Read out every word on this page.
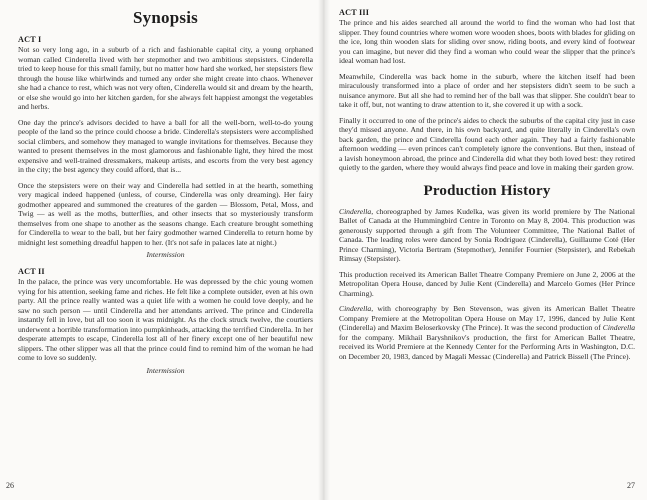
Synopsis
ACT I

Not so very long ago, in a suburb of a rich and fashionable capital city, a young orphaned woman called Cinderella lived with her stepmother and two ambitious stepsisters. Cinderella tried to keep house for this small family, but no matter how hard she worked, her stepsisters flew through the house like whirlwinds and turned any order she might create into chaos. Whenever she had a chance to rest, which was not very often, Cinderella would sit and dream by the hearth, or else she would go into her kitchen garden, for she always felt happiest amongst the vegetables and herbs.

One day the prince's advisors decided to have a ball for all the well-born, well-to-do young people of the land so the prince could choose a bride. Cinderella's stepsisters were accomplished social climbers, and somehow they managed to wangle invitations for themselves. Because they wanted to present themselves in the most glamorous and fashionable light, they hired the most expensive and well-trained dressmakers, makeup artists, and escorts from the very best agency in the city; the best agency they could afford, that is...

Once the stepsisters were on their way and Cinderella had settled in at the hearth, something very magical indeed happened (unless, of course, Cinderella was only dreaming). Her fairy godmother appeared and summoned the creatures of the garden — Blossom, Petal, Moss, and Twig — as well as the moths, butterflies, and other insects that so mysteriously transform themselves from one shape to another as the seasons change. Each creature brought something for Cinderella to wear to the ball, but her fairy godmother warned Cinderella to return home by midnight lest something dreadful happen to her. (It's not safe in palaces late at night.)

Intermission
ACT II

In the palace, the prince was very uncomfortable. He was depressed by the chic young women vying for his attention, seeking fame and riches. He felt like a complete outsider, even at his own party. All the prince really wanted was a quiet life with a women he could love deeply, and he saw no such person — until Cinderella and her attendants arrived. The prince and Cinderella instantly fell in love, but all too soon it was midnight. As the clock struck twelve, the courtiers underwent a horrible transformation into pumpkinheads, attacking the terrified Cinderella. In her desperate attempts to escape, Cinderella lost all of her finery except one of her beautiful new slippers. The other slipper was all that the prince could find to remind him of the woman he had come to love so suddenly.

Intermission
26
ACT III

The prince and his aides searched all around the world to find the woman who had lost that slipper. They found countries where women wore wooden shoes, boots with blades for gliding on the ice, long thin wooden slats for sliding over snow, riding boots, and every kind of footwear you can imagine, but never did they find a woman who could wear the slipper that the prince's ideal woman had lost.

Meanwhile, Cinderella was back home in the suburb, where the kitchen itself had been miraculously transformed into a place of order and her stepsisters didn't seem to be such a nuisance anymore. But all she had to remind her of the ball was that slipper. She couldn't bear to take it off, but, not wanting to draw attention to it, she covered it up with a sock.

Finally it occurred to one of the prince's aides to check the suburbs of the capital city just in case they'd missed anyone. And there, in his own backyard, and quite literally in Cinderella's own back garden, the prince and Cinderella found each other again. They had a fairly fashionable afternoon wedding — even princes can't completely ignore the conventions. But then, instead of a lavish honeymoon abroad, the prince and Cinderella did what they both loved best: they retired quietly to the garden, where they would always find peace and love in making their garden grow.

Production History

Cinderella, choreographed by James Kudelka, was given its world premiere by The National Ballet of Canada at the Hummingbird Centre in Toronto on May 8, 2004. This production was generously supported through a gift from The Volunteer Committee, The National Ballet of Canada. The leading roles were danced by Sonia Rodriguez (Cinderella), Guillaume Coté (Her Prince Charming), Victoria Bertram (Stepmother), Jennifer Fournier (Stepsister), and Rebekah Rimsay (Stepsister).

This production received its American Ballet Theatre Company Premiere on June 2, 2006 at the Metropolitan Opera House, danced by Julie Kent (Cinderella) and Marcelo Gomes (Her Prince Charming).

Cinderella, with choreography by Ben Stevenson, was given its American Ballet Theatre Company Premiere at the Metropolitan Opera House on May 17, 1996, danced by Julie Kent (Cinderella) and Maxim Beloserkovsky (The Prince). It was the second production of Cinderella for the company. Mikhail Baryshnikov's production, the first for American Ballet Theatre, received its World Premiere at the Kennedy Center for the Performing Arts in Washington, D.C. on December 20, 1983, danced by Magali Messac (Cinderella) and Patrick Bissell (The Prince).

27
